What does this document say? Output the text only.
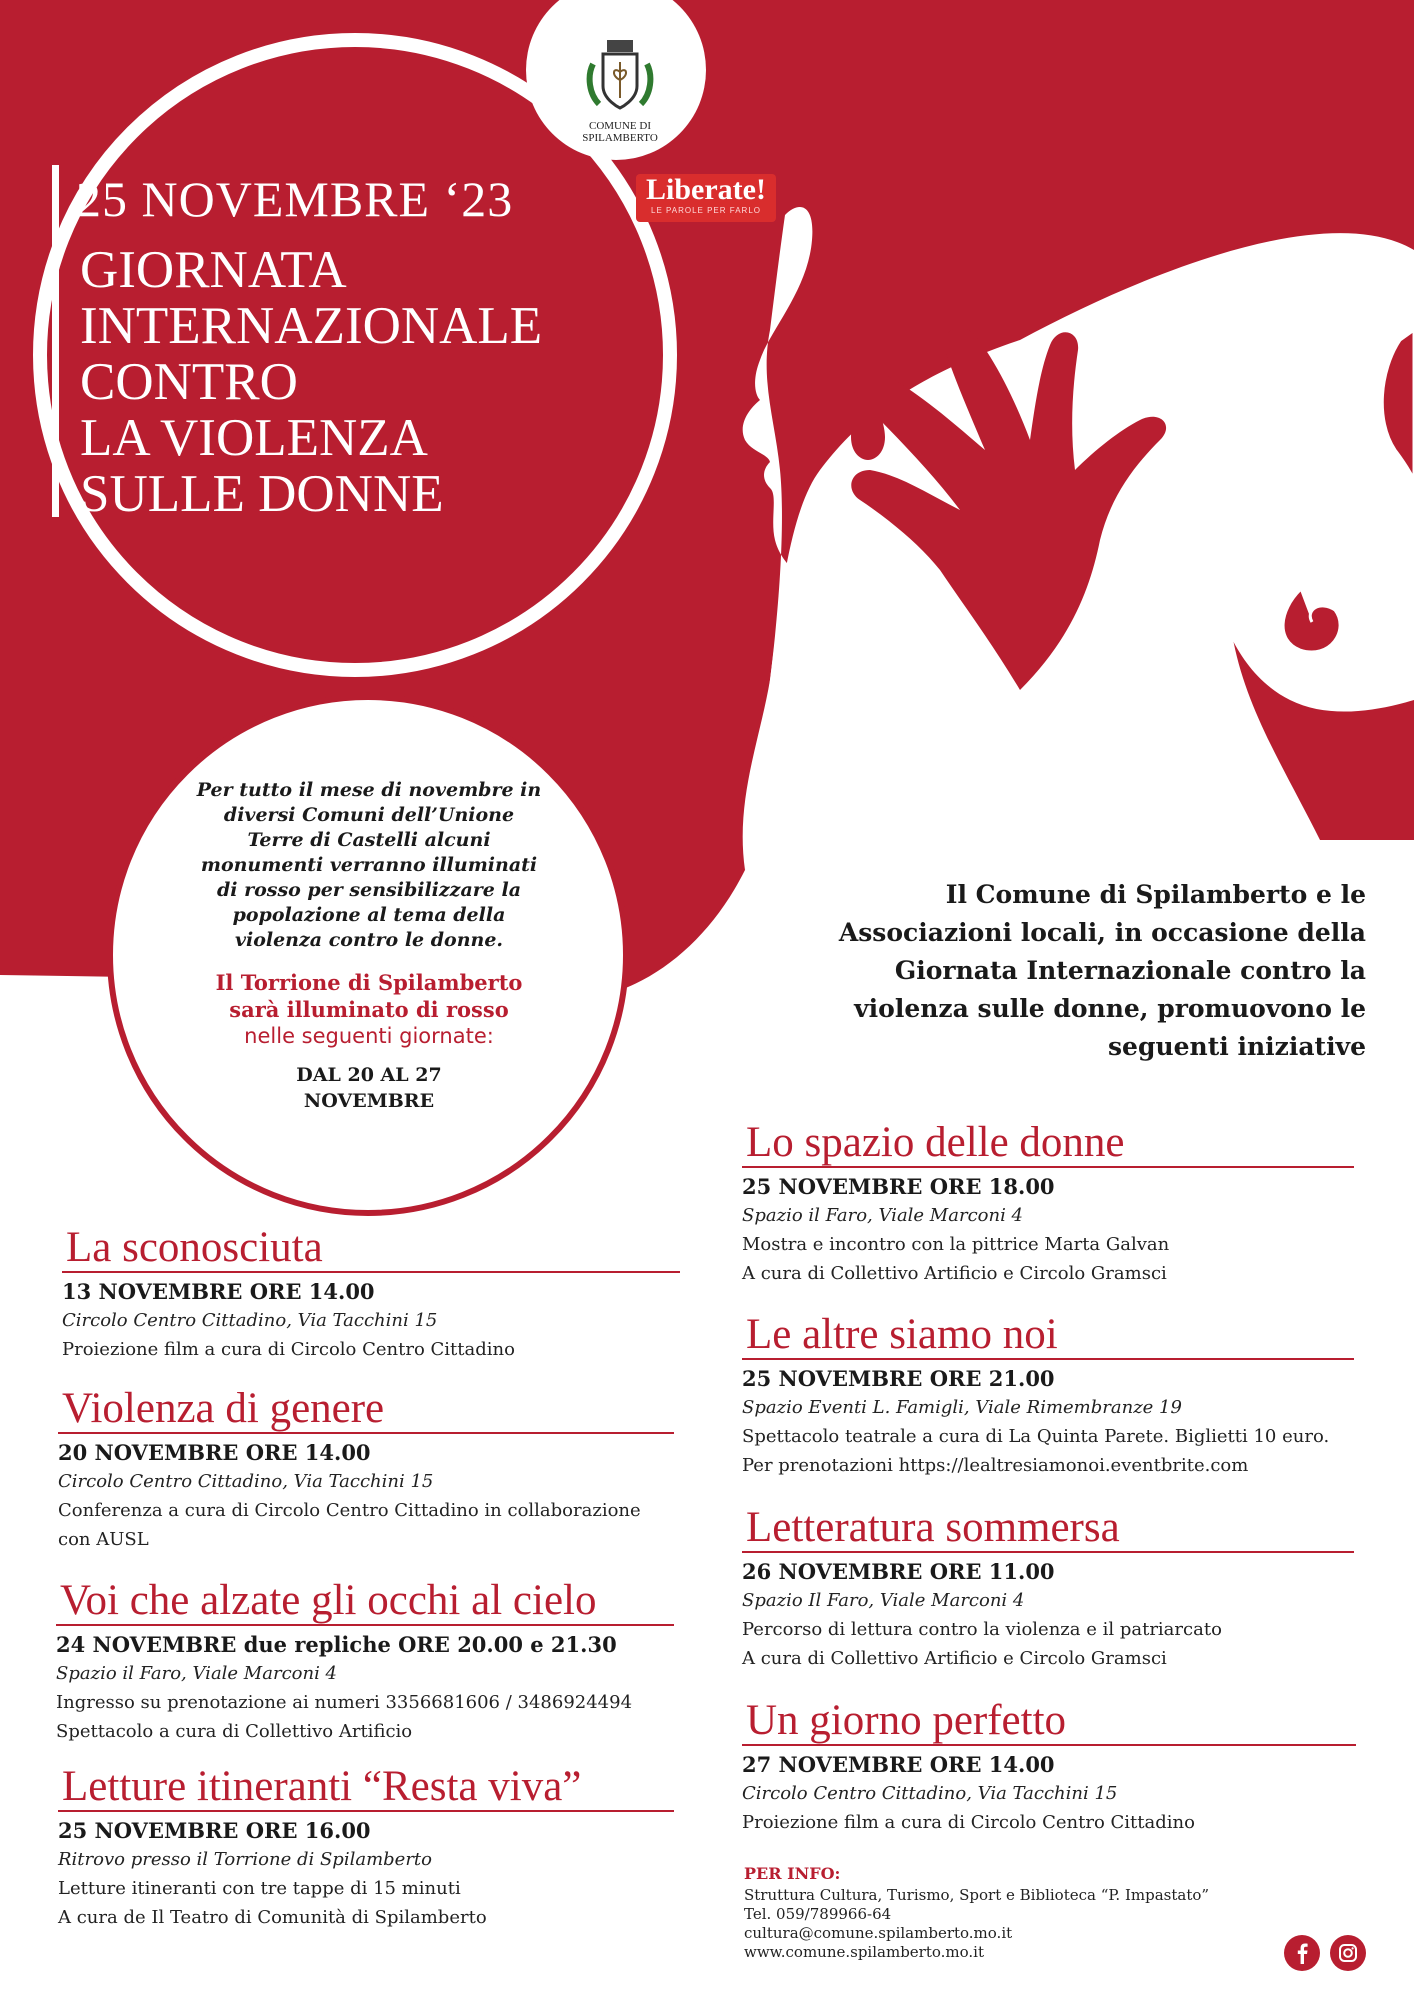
COMUNE DI
SPILAMBERTO
Liberate!
LE PAROLE PER FARLO
25 NOVEMBRE ‘23
GIORNATA
INTERNAZIONALE
CONTRO
LA VIOLENZA
SULLE DONNE
Per tutto il mese di novembre in diversi Comuni dell’Unione Terre di Castelli alcuni monumenti verranno illuminati di rosso per sensibilizzare la popolazione al tema della violenza contro le donne.
Il Torrione di Spilamberto sarà illuminato di rosso
nelle seguenti giornate:
DAL 20 AL 27
NOVEMBRE
Il Comune di Spilamberto e le Associazioni locali, in occasione della Giornata Internazionale contro la violenza sulle donne, promuovono le seguenti iniziative
La sconosciuta
13 NOVEMBRE ORE 14.00
Circolo Centro Cittadino, Via Tacchini 15
Proiezione film a cura di Circolo Centro Cittadino
Violenza di genere
20 NOVEMBRE ORE 14.00
Circolo Centro Cittadino, Via Tacchini 15
Conferenza a cura di Circolo Centro Cittadino in collaborazione con AUSL
Voi che alzate gli occhi al cielo
24 NOVEMBRE due repliche ORE 20.00 e 21.30
Spazio il Faro, Viale Marconi 4
Ingresso su prenotazione ai numeri 3356681606 / 3486924494
Spettacolo a cura di Collettivo Artificio
Letture itineranti “Resta viva”
25 NOVEMBRE ORE 16.00
Ritrovo presso il Torrione di Spilamberto
Letture itineranti con tre tappe di 15 minuti
A cura de Il Teatro di Comunità di Spilamberto
Lo spazio delle donne
25 NOVEMBRE ORE 18.00
Spazio il Faro, Viale Marconi 4
Mostra e incontro con la pittrice Marta Galvan
A cura di Collettivo Artificio e Circolo Gramsci
Le altre siamo noi
25 NOVEMBRE ORE 21.00
Spazio Eventi L. Famigli, Viale Rimembranze 19
Spettacolo teatrale a cura di La Quinta Parete. Biglietti 10 euro.
Per prenotazioni https://lealtresiamonoi.eventbrite.com
Letteratura sommersa
26 NOVEMBRE ORE 11.00
Spazio Il Faro, Viale Marconi 4
Percorso di lettura contro la violenza e il patriarcato
A cura di Collettivo Artificio e Circolo Gramsci
Un giorno perfetto
27 NOVEMBRE ORE 14.00
Circolo Centro Cittadino, Via Tacchini 15
Proiezione film a cura di Circolo Centro Cittadino
PER INFO:
Struttura Cultura, Turismo, Sport e Biblioteca “P. Impastato”
Tel. 059/789966-64
cultura@comune.spilamberto.mo.it
www.comune.spilamberto.mo.it
